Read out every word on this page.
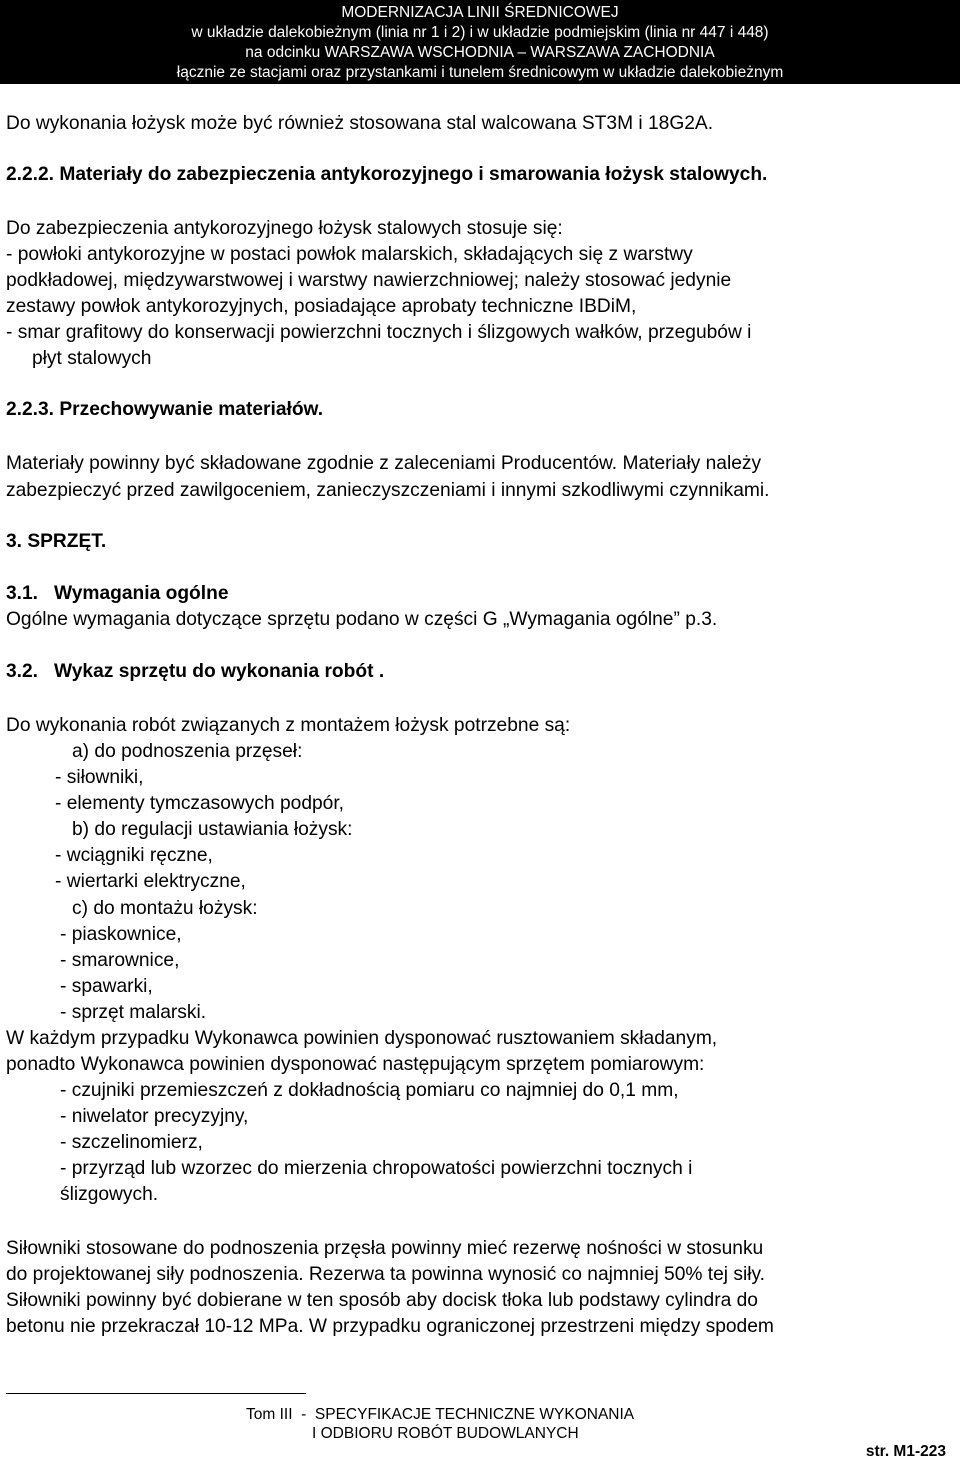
MODERNIZACJA LINII ŚREDNICOWEJ
w układzie dalekobieżnym (linia nr 1 i 2) i w układzie podmiejskim (linia nr 447 i 448)
na odcinku WARSZAWA WSCHODNIA – WARSZAWA ZACHODNIA
łącznie ze stacjami oraz przystankami i tunelem średnicowym w układzie dalekobieżnym
Do wykonania łożysk może być również stosowana stal walcowana ST3M i 18G2A.
2.2.2. Materiały do zabezpieczenia antykorozyjnego i smarowania łożysk stalowych.
Do zabezpieczenia antykorozyjnego łożysk stalowych stosuje się:
- powłoki antykorozyjne w postaci powłok malarskich, składających się z warstwy
podkładowej, międzywarstwowej i warstwy nawierzchniowej; należy stosować jedynie
zestawy powłok antykorozyjnych, posiadające aprobaty techniczne IBDiM,
- smar grafitowy do konserwacji powierzchni tocznych i ślizgowych wałków, przegubów i
płyt stalowych
2.2.3. Przechowywanie materiałów.
Materiały powinny być składowane zgodnie z zaleceniami Producentów. Materiały należy
zabezpieczyć przed zawilgoceniem, zanieczyszczeniami i innymi szkodliwymi czynnikami.
3. SPRZĘT.
3.1.   Wymagania ogólne
Ogólne wymagania dotyczące sprzętu podano w części G „Wymagania ogólne” p.3.
3.2.   Wykaz sprzętu do wykonania robót .
Do wykonania robót związanych z montażem łożysk potrzebne są:
a) do podnoszenia przęseł:
- siłowniki,
- elementy tymczasowych podpór,
b) do regulacji ustawiania łożysk:
- wciągniki ręczne,
- wiertarki elektryczne,
c) do montażu łożysk:
- piaskownice,
- smarownice,
- spawarki,
- sprzęt malarski.
W każdym przypadku Wykonawca powinien dysponować rusztowaniem składanym,
ponadto Wykonawca powinien dysponować następującym sprzętem pomiarowym:
- czujniki przemieszczeń z dokładnością pomiaru co najmniej do 0,1 mm,
- niwelator precyzyjny,
- szczelinomierz,
- przyrząd lub wzorzec do mierzenia chropowatości powierzchni tocznych i
ślizgowych.
Siłowniki stosowane do podnoszenia przęsła powinny mieć rezerwę nośności w stosunku
do projektowanej siły podnoszenia. Rezerwa ta powinna wynosić co najmniej 50% tej siły.
Siłowniki powinny być dobierane w ten sposób aby docisk tłoka lub podstawy cylindra do
betonu nie przekraczał 10-12 MPa. W przypadku ograniczonej przestrzeni między spodem
Tom III  -  SPECYFIKACJE TECHNICZNE WYKONANIA
I ODBIORU ROBÓT BUDOWLANYCH
str. M1-223
